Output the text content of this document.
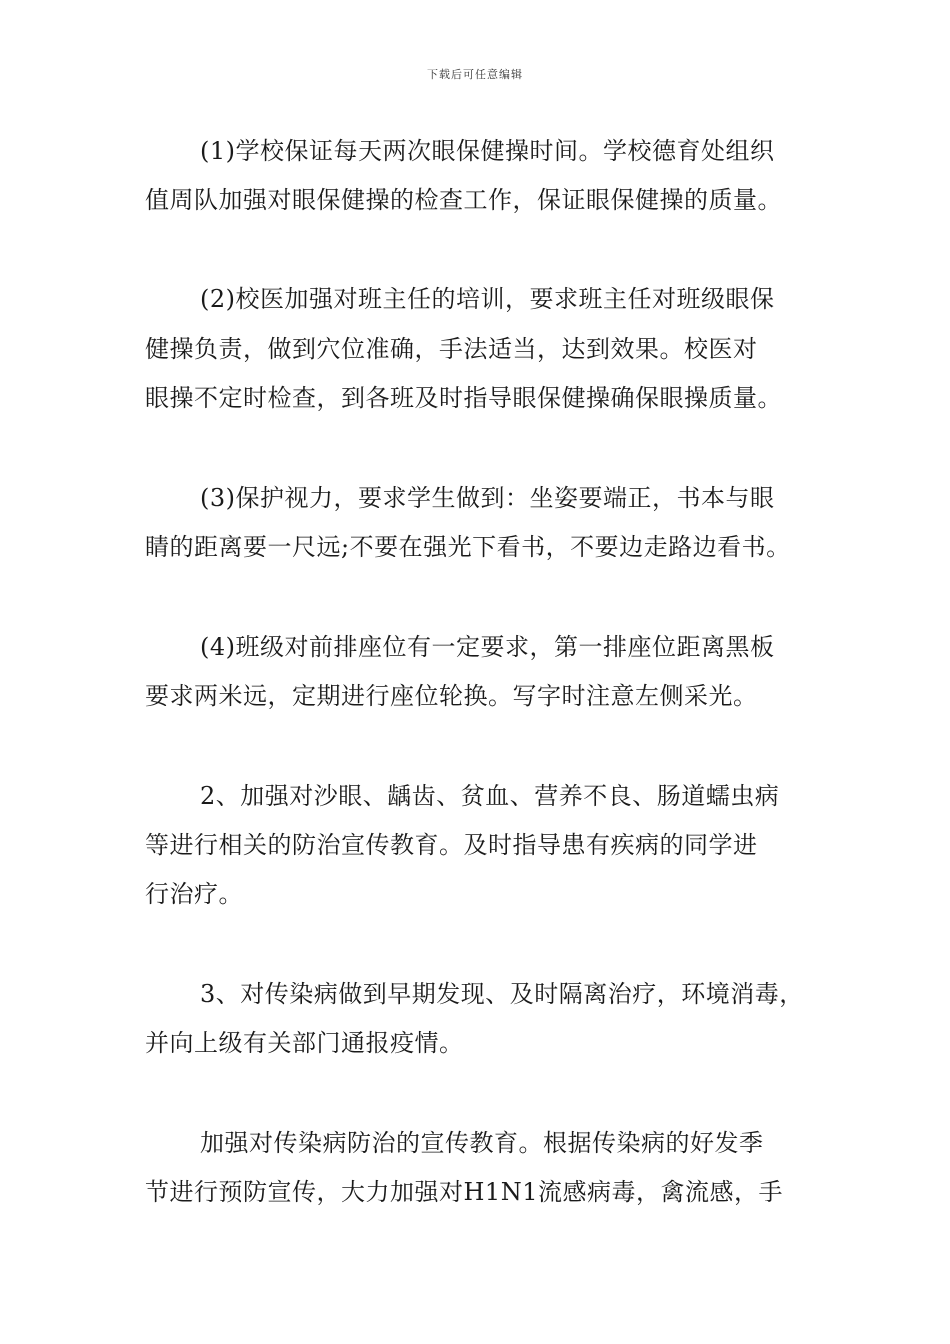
下载后可任意编辑
(1)学校保证每天两次眼保健操时间。学校德育处组织
值周队加强对眼保健操的检查工作，保证眼保健操的质量。
(2)校医加强对班主任的培训，要求班主任对班级眼保
健操负责，做到穴位准确，手法适当，达到效果。校医对
眼操不定时检查，到各班及时指导眼保健操确保眼操质量。
(3)保护视力，要求学生做到：坐姿要端正，书本与眼
睛的距离要一尺远;不要在强光下看书，不要边走路边看书。
(4)班级对前排座位有一定要求，第一排座位距离黑板
要求两米远，定期进行座位轮换。写字时注意左侧采光。
2、加强对沙眼、龋齿、贫血、营养不良、肠道蠕虫病
等进行相关的防治宣传教育。及时指导患有疾病的同学进
行治疗。
3、对传染病做到早期发现、及时隔离治疗，环境消毒，
并向上级有关部门通报疫情。
加强对传染病防治的宣传教育。根据传染病的好发季
节进行预防宣传，大力加强对H1N1流感病毒，禽流感，手
